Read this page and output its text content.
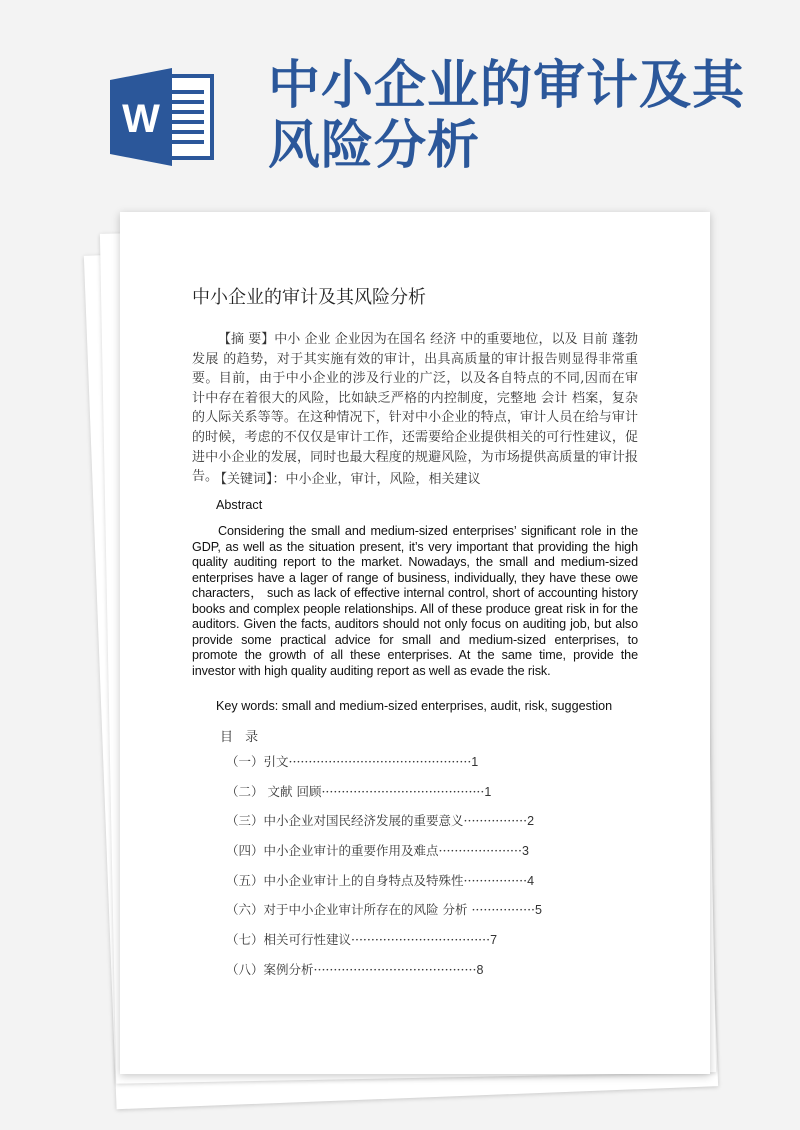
W
中小企业的审计及其风险分析
中小企业的审计及其风险分析
【摘 要】中小 企业 企业因为在国名 经济 中的重要地位，以及 目前 蓬勃发展 的趋势，对于其实施有效的审计，出具高质量的审计报告则显得非常重要。目前，由于中小企业的涉及行业的广泛，以及各自特点的不同,因而在审计中存在着很大的风险，比如缺乏严格的内控制度，完整地 会计 档案，复杂的人际关系等等。在这种情况下，针对中小企业的特点，审计人员在给与审计的时候，考虑的不仅仅是审计工作，还需要给企业提供相关的可行性建议，促进中小企业的发展，同时也最大程度的规避风险，为市场提供高质量的审计报告。
【关键词】：中小企业，审计，风险，相关建议
Abstract
Considering the small and medium-sized enterprises’ significant role in the GDP, as well as the situation present, it’s very important that providing the high quality auditing report to the market. Nowadays, the small and medium-sized enterprises have a lager of range of business, individually, they have these owe characters， such as lack of effective internal control, short of accounting history books and complex people relationships. All of these produce great risk in for the auditors. Given the facts, auditors should not only focus on auditing job, but also provide some practical advice for small and medium-sized enterprises, to promote the growth of all these enterprises. At the same time, provide the investor with high quality auditing report as well as evade the risk.
Key words: small and medium-sized enterprises, audit, risk, suggestion
目 录
（一）引文··············································1
（二） 文献 回顾·········································1
（三）中小企业对国民经济发展的重要意义················2
（四）中小企业审计的重要作用及难点·····················3
（五）中小企业审计上的自身特点及特殊性················4
（六）对于中小企业审计所存在的风险 分析 ················5
（七）相关可行性建议···································7
（八）案例分析·········································8
